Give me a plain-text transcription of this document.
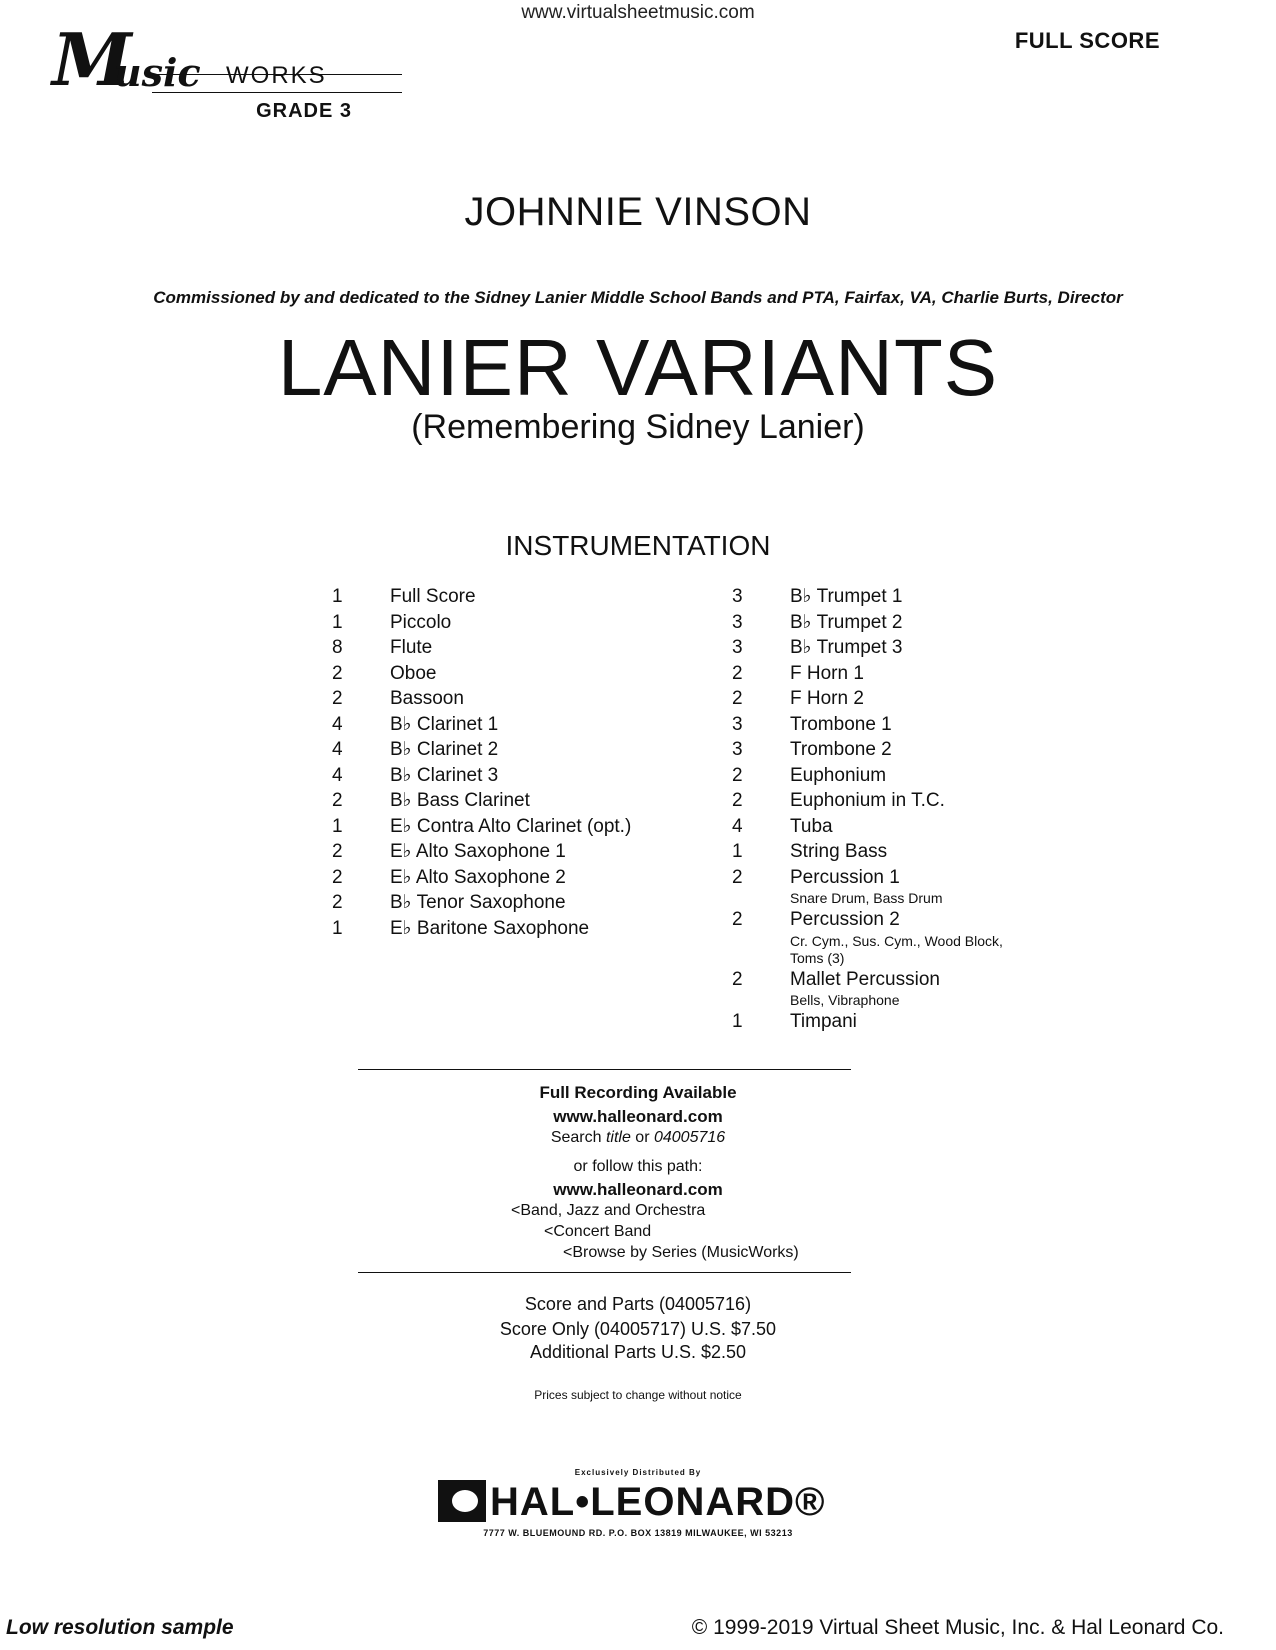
www.virtualsheetmusic.com
FULL SCORE
M
usic WORKS
GRADE 3
JOHNNIE VINSON
Commissioned by and dedicated to the Sidney Lanier Middle School Bands and PTA, Fairfax, VA, Charlie Burts, Director
LANIER VARIANTS
(Remembering Sidney Lanier)
INSTRUMENTATION
1	Full Score
1	Piccolo
8	Flute
2	Oboe
2	Bassoon
4	B♭ Clarinet 1
4	B♭ Clarinet 2
4	B♭ Clarinet 3
2	B♭ Bass Clarinet
1	E♭ Contra Alto Clarinet (opt.)
2	E♭ Alto Saxophone 1
2	E♭ Alto Saxophone 2
2	B♭ Tenor Saxophone
1	E♭ Baritone Saxophone
3	B♭ Trumpet 1
3	B♭ Trumpet 2
3	B♭ Trumpet 3
2	F Horn 1
2	F Horn 2
3	Trombone 1
3	Trombone 2
2	Euphonium
2	Euphonium in T.C.
4	Tuba
1	String Bass
2	Percussion 1
Snare Drum, Bass Drum
2	Percussion 2
Cr. Cym., Sus. Cym., Wood Block, Toms (3)
2	Mallet Percussion
Bells, Vibraphone
1	Timpani
Full Recording Available
www.halleonard.com
Search title or 04005716
or follow this path:
www.halleonard.com
<Band, Jazz and Orchestra
<Concert Band
<Browse by Series (MusicWorks)
Score and Parts (04005716)
Score Only (04005717) U.S. $7.50
Additional Parts U.S. $2.50
Prices subject to change without notice
Exclusively Distributed By
HAL•LEONARD®
7777 W. BLUEMOUND RD. P.O. BOX 13819 MILWAUKEE, WI 53213
Low resolution sample	© 1999-2019 Virtual Sheet Music, Inc. & Hal Leonard Co.
